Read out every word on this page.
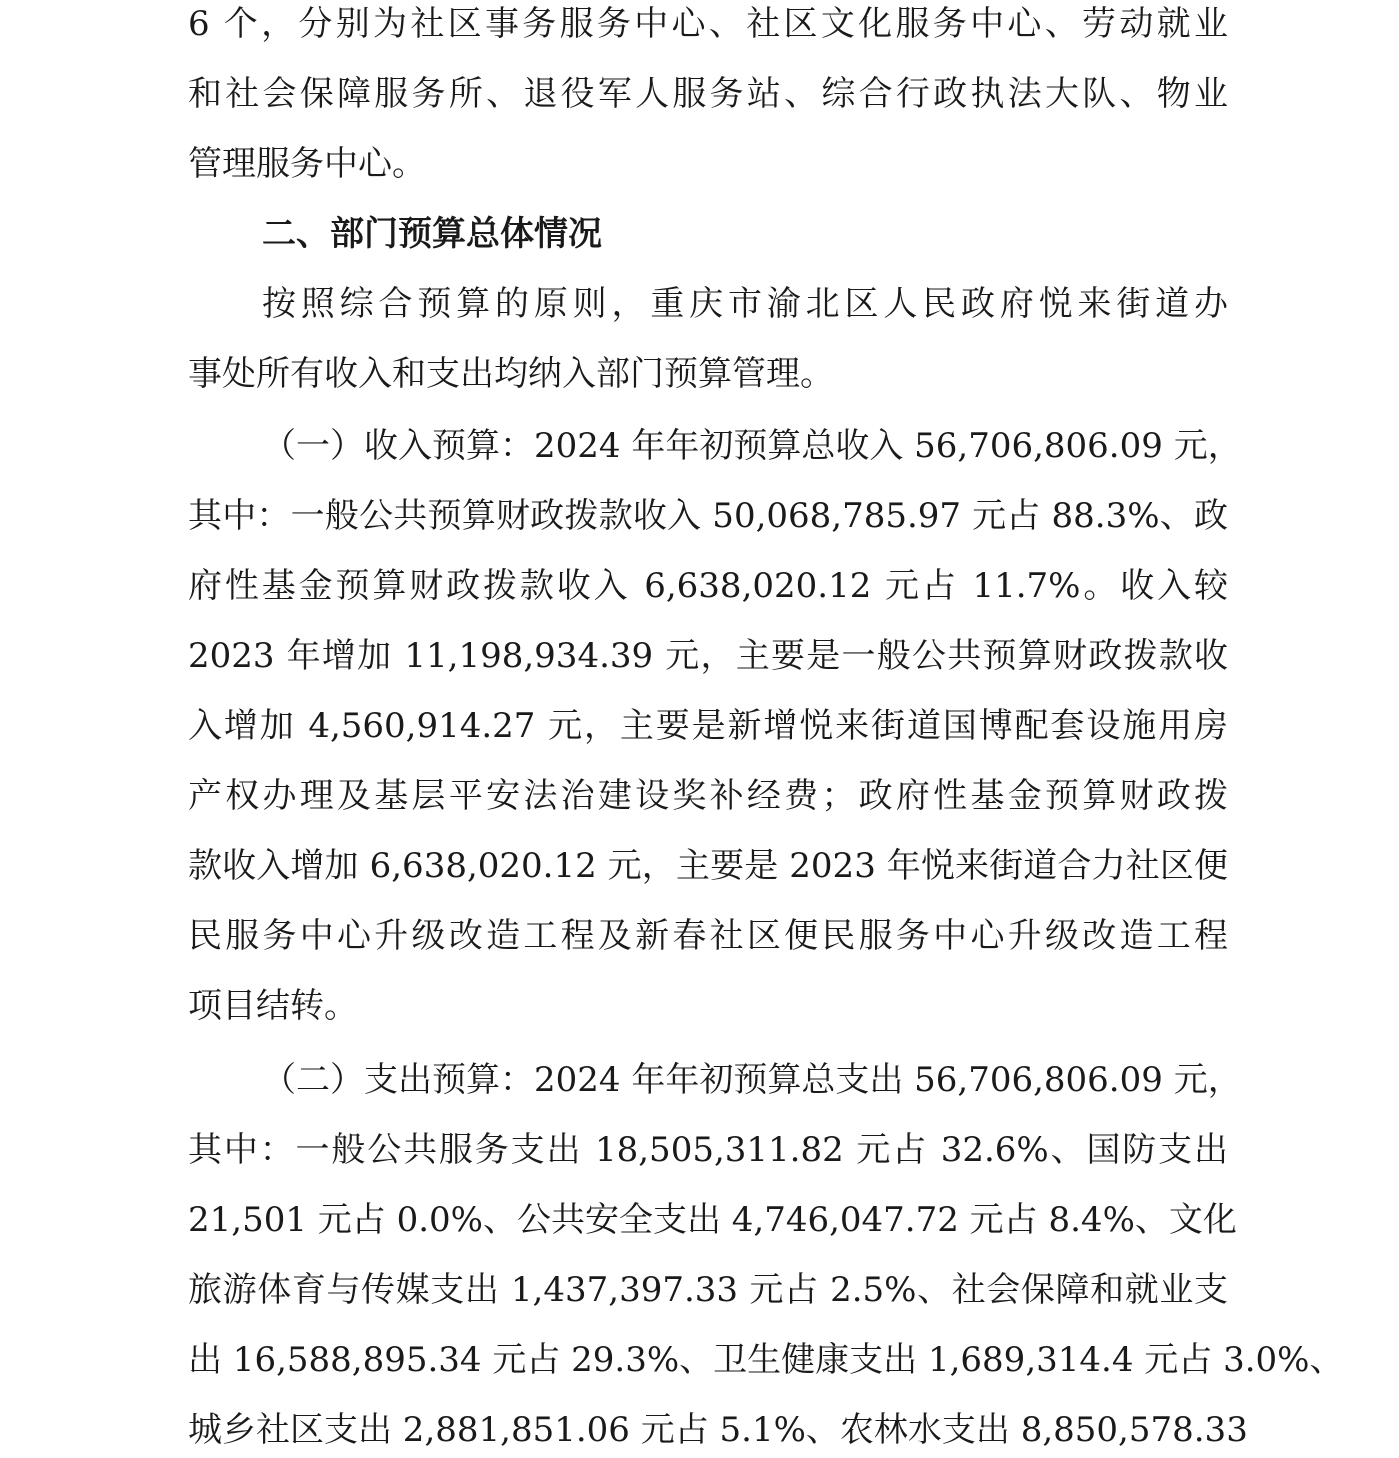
6 个，分别为社区事务服务中心、社区文化服务中心、劳动就业
和社会保障服务所、退役军人服务站、综合行政执法大队、物业
管理服务中心。
二、部门预算总体情况
按照综合预算的原则，重庆市渝北区人民政府悦来街道办
事处所有收入和支出均纳入部门预算管理。
（一）收入预算：2024 年年初预算总收入 56,706,806.09 元，
其中：一般公共预算财政拨款收入 50,068,785.97 元占 88.3%、政
府性基金预算财政拨款收入 6,638,020.12 元占 11.7%。收入较
2023 年增加 11,198,934.39 元，主要是一般公共预算财政拨款收
入增加 4,560,914.27 元，主要是新增悦来街道国博配套设施用房
产权办理及基层平安法治建设奖补经费；政府性基金预算财政拨
款收入增加 6,638,020.12 元，主要是 2023 年悦来街道合力社区便
民服务中心升级改造工程及新春社区便民服务中心升级改造工程
项目结转。
（二）支出预算：2024 年年初预算总支出 56,706,806.09 元，
其中：一般公共服务支出 18,505,311.82 元占 32.6%、国防支出
21,501 元占 0.0%、公共安全支出 4,746,047.72 元占 8.4%、文化
旅游体育与传媒支出 1,437,397.33 元占 2.5%、社会保障和就业支
出 16,588,895.34 元占 29.3%、卫生健康支出 1,689,314.4 元占 3.0%、
城乡社区支出 2,881,851.06 元占 5.1%、农林水支出 8,850,578.33
